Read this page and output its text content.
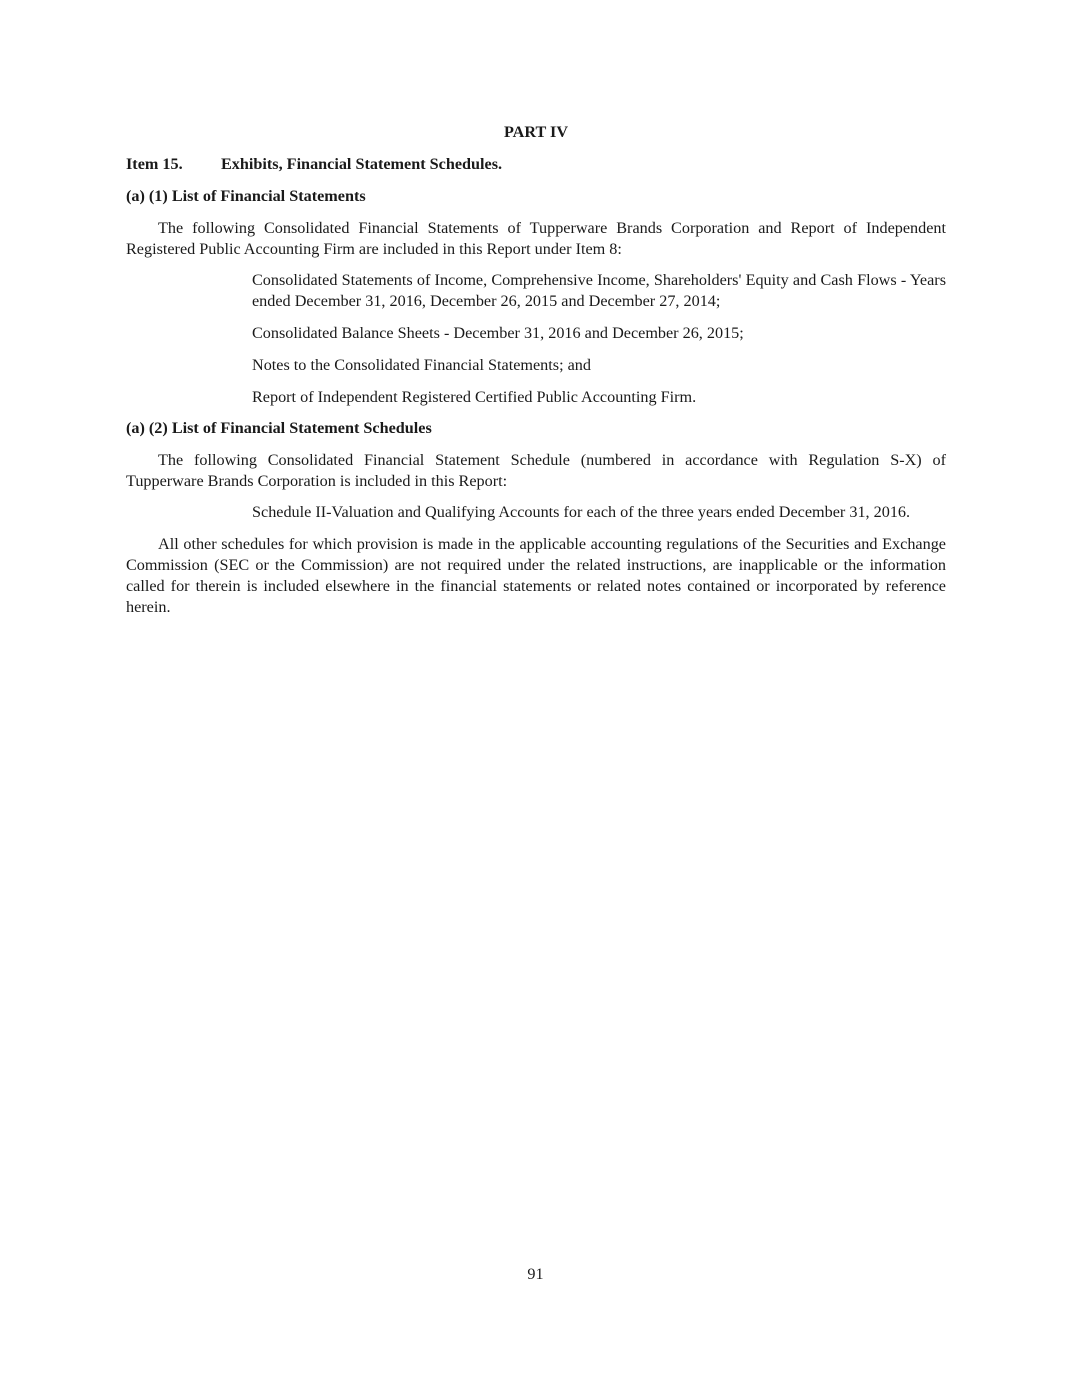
PART IV
Item 15. Exhibits, Financial Statement Schedules.
(a) (1) List of Financial Statements
The following Consolidated Financial Statements of Tupperware Brands Corporation and Report of Independent Registered Public Accounting Firm are included in this Report under Item 8:
Consolidated Statements of Income, Comprehensive Income, Shareholders' Equity and Cash Flows - Years ended December 31, 2016, December 26, 2015 and December 27, 2014;
Consolidated Balance Sheets - December 31, 2016 and December 26, 2015;
Notes to the Consolidated Financial Statements; and
Report of Independent Registered Certified Public Accounting Firm.
(a) (2) List of Financial Statement Schedules
The following Consolidated Financial Statement Schedule (numbered in accordance with Regulation S-X) of Tupperware Brands Corporation is included in this Report:
Schedule II-Valuation and Qualifying Accounts for each of the three years ended December 31, 2016.
All other schedules for which provision is made in the applicable accounting regulations of the Securities and Exchange Commission (SEC or the Commission) are not required under the related instructions, are inapplicable or the information called for therein is included elsewhere in the financial statements or related notes contained or incorporated by reference herein.
91
